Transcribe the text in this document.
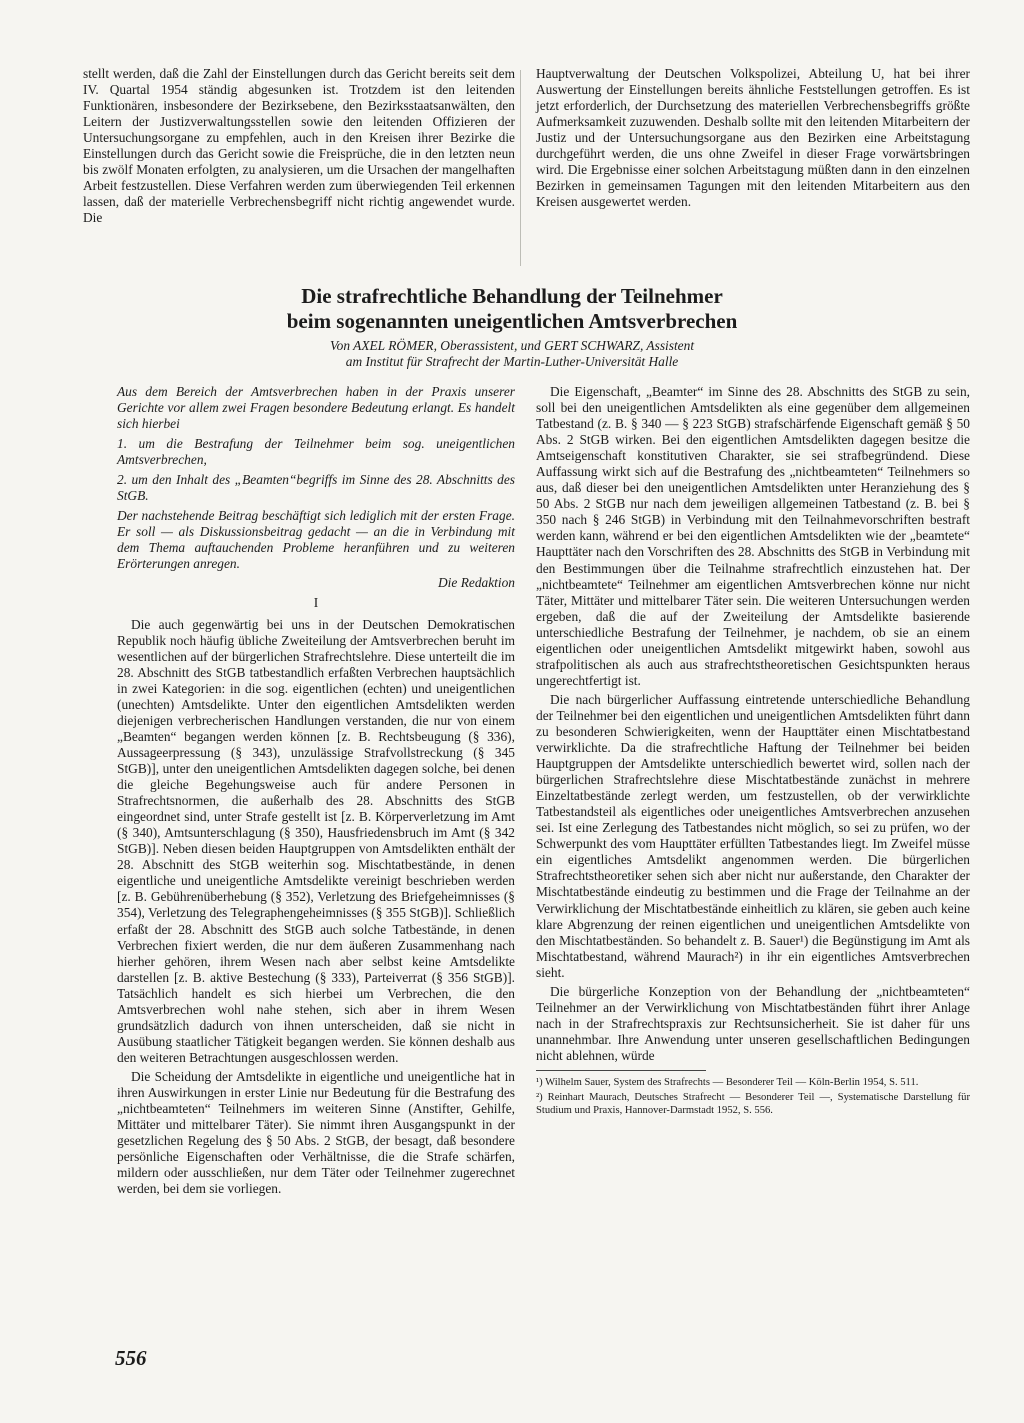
stellt werden, daß die Zahl der Einstellungen durch das Gericht bereits seit dem IV. Quartal 1954 ständig abgesunken ist. Trotzdem ist den leitenden Funktionären, insbesondere der Bezirksebene, den Bezirksstaatsanwälten, den Leitern der Justizverwaltungsstellen sowie den leitenden Offizieren der Untersuchungsorgane zu empfehlen, auch in den Kreisen ihrer Bezirke die Einstellungen durch das Gericht sowie die Freisprüche, die in den letzten neun bis zwölf Monaten erfolgten, zu analysieren, um die Ursachen der mangelhaften Arbeit festzustellen. Diese Verfahren werden zum überwiegenden Teil erkennen lassen, daß der materielle Verbrechensbegriff nicht richtig angewendet wurde. Die

Hauptverwaltung der Deutschen Volkspolizei, Abteilung U, hat bei ihrer Auswertung der Einstellungen bereits ähnliche Feststellungen getroffen. Es ist jetzt erforderlich, der Durchsetzung des materiellen Verbrechensbegriffs größte Aufmerksamkeit zuzuwenden. Deshalb sollte mit den leitenden Mitarbeitern der Justiz und der Untersuchungsorgane aus den Bezirken eine Arbeitstagung durchgeführt werden, die uns ohne Zweifel in dieser Frage vorwärtsbringen wird. Die Ergebnisse einer solchen Arbeitstagung müßten dann in den einzelnen Bezirken in gemeinsamen Tagungen mit den leitenden Mitarbeitern aus den Kreisen ausgewertet werden.

Die strafrechtliche Behandlung der Teilnehmer
beim sogenannten uneigentlichen Amtsverbrechen
Von AXEL RÖMER, Oberassistent, und GERT SCHWARZ, Assistent
am Institut für Strafrecht der Martin-Luther-Universität Halle

Aus dem Bereich der Amtsverbrechen haben in der Praxis unserer Gerichte vor allem zwei Fragen besondere Bedeutung erlangt. Es handelt sich hierbei

1. um die Bestrafung der Teilnehmer beim sog. uneigentlichen Amtsverbrechen,

2. um den Inhalt des „Beamten“begriffs im Sinne des 28. Abschnitts des StGB.

Der nachstehende Beitrag beschäftigt sich lediglich mit der ersten Frage. Er soll — als Diskussionsbeitrag gedacht — an die in Verbindung mit dem Thema auftauchenden Probleme heranführen und zu weiteren Erörterungen anregen.

Die Redaktion
I

Die auch gegenwärtig bei uns in der Deutschen Demokratischen Republik noch häufig übliche Zweiteilung der Amtsverbrechen beruht im wesentlichen auf der bürgerlichen Strafrechtslehre. Diese unterteilt die im 28. Abschnitt des StGB tatbestandlich erfaßten Verbrechen hauptsächlich in zwei Kategorien: in die sog. eigentlichen (echten) und uneigentlichen (unechten) Amtsdelikte. Unter den eigentlichen Amtsdelikten werden diejenigen verbrecherischen Handlungen verstanden, die nur von einem „Beamten“ begangen werden können [z. B. Rechtsbeugung (§ 336), Aussageerpressung (§ 343), unzulässige Strafvollstreckung (§ 345 StGB)], unter den uneigentlichen Amtsdelikten dagegen solche, bei denen die gleiche Begehungsweise auch für andere Personen in Strafrechtsnormen, die außerhalb des 28. Abschnitts des StGB eingeordnet sind, unter Strafe gestellt ist [z. B. Körperverletzung im Amt (§ 340), Amtsunterschlagung (§ 350), Hausfriedensbruch im Amt (§ 342 StGB)]. Neben diesen beiden Hauptgruppen von Amtsdelikten enthält der 28. Abschnitt des StGB weiterhin sog. Mischtatbestände, in denen eigentliche und uneigentliche Amtsdelikte vereinigt beschrieben werden [z. B. Gebührenüberhebung (§ 352), Verletzung des Briefgeheimnisses (§ 354), Verletzung des Telegraphengeheimnisses (§ 355 StGB)]. Schließlich erfaßt der 28. Abschnitt des StGB auch solche Tatbestände, in denen Verbrechen fixiert werden, die nur dem äußeren Zusammenhang nach hierher gehören, ihrem Wesen nach aber selbst keine Amtsdelikte darstellen [z. B. aktive Bestechung (§ 333), Parteiverrat (§ 356 StGB)]. Tatsächlich handelt es sich hierbei um Verbrechen, die den Amtsverbrechen wohl nahe stehen, sich aber in ihrem Wesen grundsätzlich dadurch von ihnen unterscheiden, daß sie nicht in Ausübung staatlicher Tätigkeit begangen werden. Sie können deshalb aus den weiteren Betrachtungen ausgeschlossen werden.

Die Scheidung der Amtsdelikte in eigentliche und uneigentliche hat in ihren Auswirkungen in erster Linie nur Bedeutung für die Bestrafung des „nichtbeamteten“ Teilnehmers im weiteren Sinne (Anstifter, Gehilfe, Mittäter und mittelbarer Täter). Sie nimmt ihren Ausgangspunkt in der gesetzlichen Regelung des § 50 Abs. 2 StGB, der besagt, daß besondere persönliche Eigenschaften oder Verhältnisse, die die Strafe schärfen, mildern oder ausschließen, nur dem Täter oder Teilnehmer zugerechnet werden, bei dem sie vorliegen.

Die Eigenschaft, „Beamter“ im Sinne des 28. Abschnitts des StGB zu sein, soll bei den uneigentlichen Amtsdelikten als eine gegenüber dem allgemeinen Tatbestand (z. B. § 340 — § 223 StGB) strafschärfende Eigenschaft gemäß § 50 Abs. 2 StGB wirken. Bei den eigentlichen Amtsdelikten dagegen besitze die Amtseigenschaft konstitutiven Charakter, sie sei strafbegründend. Diese Auffassung wirkt sich auf die Bestrafung des „nichtbeamteten“ Teilnehmers so aus, daß dieser bei den uneigentlichen Amtsdelikten unter Heranziehung des § 50 Abs. 2 StGB nur nach dem jeweiligen allgemeinen Tatbestand (z. B. bei § 350 nach § 246 StGB) in Verbindung mit den Teilnahmevorschriften bestraft werden kann, während er bei den eigentlichen Amtsdelikten wie der „beamtete“ Haupttäter nach den Vorschriften des 28. Abschnitts des StGB in Verbindung mit den Bestimmungen über die Teilnahme strafrechtlich einzustehen hat. Der „nichtbeamtete“ Teilnehmer am eigentlichen Amtsverbrechen könne nur nicht Täter, Mittäter und mittelbarer Täter sein. Die weiteren Untersuchungen werden ergeben, daß die auf der Zweiteilung der Amtsdelikte basierende unterschiedliche Bestrafung der Teilnehmer, je nachdem, ob sie an einem eigentlichen oder uneigentlichen Amtsdelikt mitgewirkt haben, sowohl aus strafpolitischen als auch aus strafrechtstheoretischen Gesichtspunkten heraus ungerechtfertigt ist.

Die nach bürgerlicher Auffassung eintretende unterschiedliche Behandlung der Teilnehmer bei den eigentlichen und uneigentlichen Amtsdelikten führt dann zu besonderen Schwierigkeiten, wenn der Haupttäter einen Mischtatbestand verwirklichte. Da die strafrechtliche Haftung der Teilnehmer bei beiden Hauptgruppen der Amtsdelikte unterschiedlich bewertet wird, sollen nach der bürgerlichen Strafrechtslehre diese Mischtatbestände zunächst in mehrere Einzeltatbestände zerlegt werden, um festzustellen, ob der verwirklichte Tatbestandsteil als eigentliches oder uneigentliches Amtsverbrechen anzusehen sei. Ist eine Zerlegung des Tatbestandes nicht möglich, so sei zu prüfen, wo der Schwerpunkt des vom Haupttäter erfüllten Tatbestandes liegt. Im Zweifel müsse ein eigentliches Amtsdelikt angenommen werden. Die bürgerlichen Strafrechtstheoretiker sehen sich aber nicht nur außerstande, den Charakter der Mischtatbestände eindeutig zu bestimmen und die Frage der Teilnahme an der Verwirklichung der Mischtatbestände einheitlich zu klären, sie geben auch keine klare Abgrenzung der reinen eigentlichen und uneigentlichen Amtsdelikte von den Mischtatbeständen. So behandelt z. B. Sauer¹) die Begünstigung im Amt als Mischtatbestand, während Maurach²) in ihr ein eigentliches Amtsverbrechen sieht.

Die bürgerliche Konzeption von der Behandlung der „nichtbeamteten“ Teilnehmer an der Verwirklichung von Mischtatbeständen führt ihrer Anlage nach in der Strafrechtspraxis zur Rechtsunsicherheit. Sie ist daher für uns unannehmbar. Ihre Anwendung unter unseren gesellschaftlichen Bedingungen nicht ablehnen, würde

¹) Wilhelm Sauer, System des Strafrechts — Besonderer Teil — Köln-Berlin 1954, S. 511.
²) Reinhart Maurach, Deutsches Strafrecht — Besonderer Teil —, Systematische Darstellung für Studium und Praxis, Hannover-Darmstadt 1952, S. 556.
556
